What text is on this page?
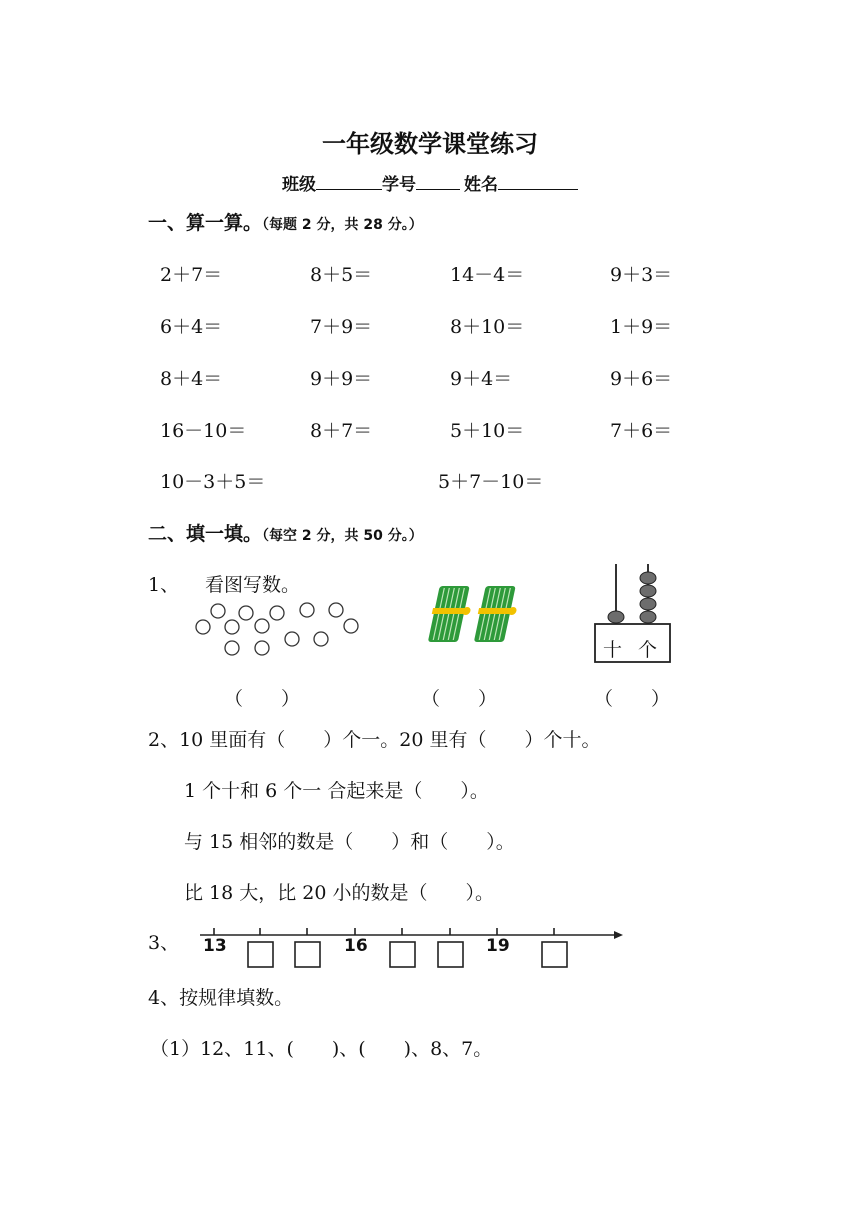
一年级数学课堂练习
班级	学号	姓名
一、算一算。（每题 2 分，共 28 分。）
2＋7＝	8＋5＝	14－4＝	9＋3＝
6＋4＝	7＋9＝	8＋10＝	1＋9＝
8＋4＝	9＋9＝	9＋4＝	9＋6＝
16－10＝	8＋7＝	5＋10＝	7＋6＝
10－3＋5＝	5＋7－10＝
二、填一填。（每空 2 分，共 50 分。）
1、 看图写数。
十 个
（　　）	（　　）	（　　）
2、10 里面有（　　）个一。20 里有（　　）个十。
1 个十和 6 个一 合起来是（　　）。
与 15 相邻的数是（　　）和（　　）。
比 18 大，比 20 小的数是（　　）。
3、 13	16	19
4、按规律填数。
（1）12、11、(　　)、(　　)、8、7。
